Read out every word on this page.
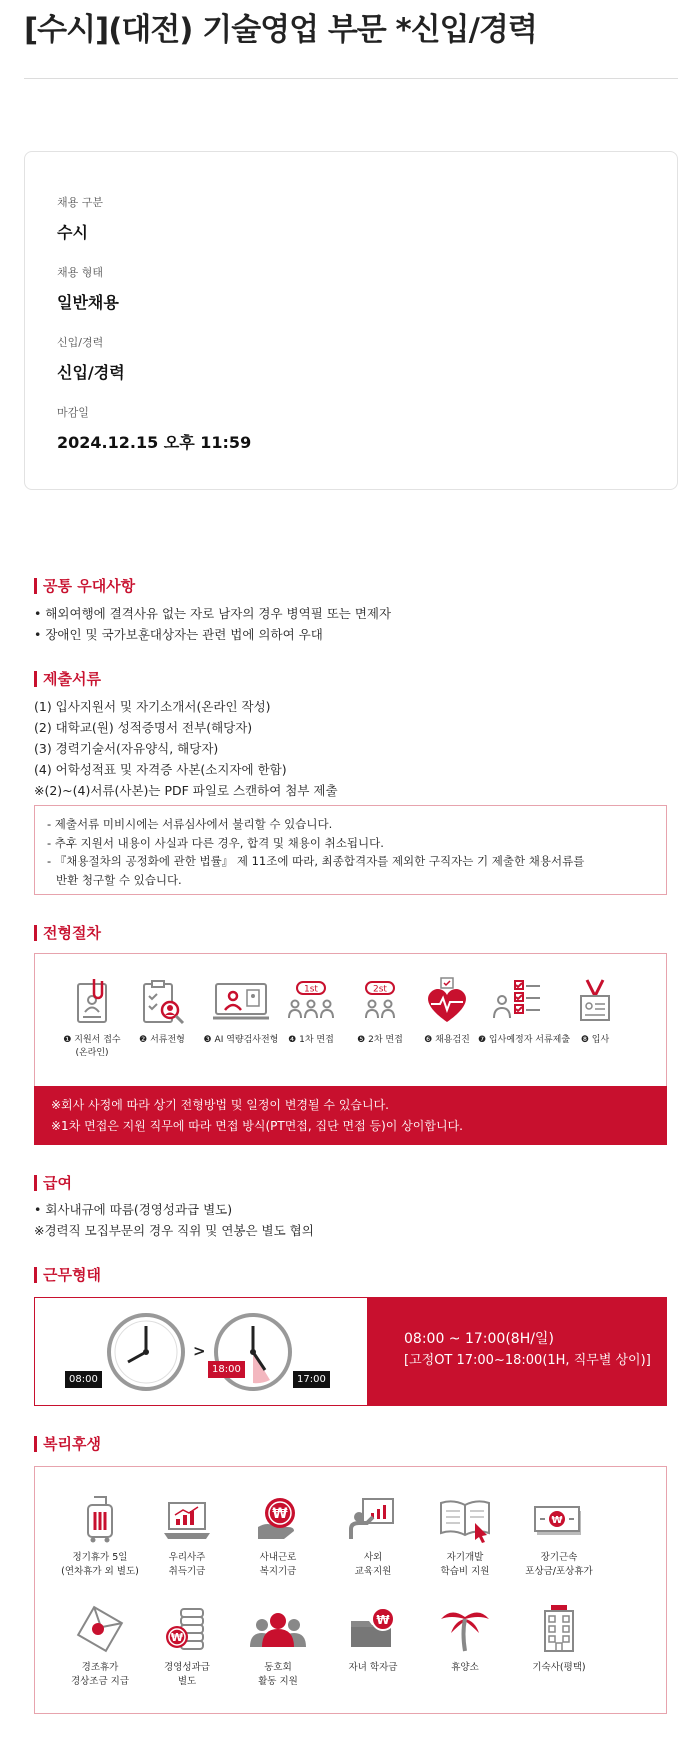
[수시](대전) 기술영업 부문 *신입/경력
채용 구분
수시
채용 형태
일반채용
신입/경력
신입/경력
마감일
2024.12.15 오후 11:59
공통 우대사항
• 해외여행에 결격사유 없는 자로 남자의 경우 병역필 또는 면제자
• 장애인 및 국가보훈대상자는 관련 법에 의하여 우대
제출서류
(1) 입사지원서 및 자기소개서(온라인 작성)
(2) 대학교(원) 성적증명서 전부(해당자)
(3) 경력기술서(자유양식, 해당자)
(4) 어학성적표 및 자격증 사본(소지자에 한함)
※(2)~(4)서류(사본)는 PDF 파일로 스캔하여 첨부 제출
- 제출서류 미비시에는 서류심사에서 불리할 수 있습니다.
- 추후 지원서 내용이 사실과 다른 경우, 합격 및 채용이 취소됩니다.
- 『채용절차의 공정화에 관한 법률』 제 11조에 따라, 최종합격자를 제외한 구직자는 기 제출한 채용서류를
반환 청구할 수 있습니다.
전형절차
❶ 지원서 접수
(온라인)
❷ 서류전형	❸ AI 역량검사전형
1st
❹ 1차 면접
2st
❺ 2차 면접	❻ 채용검진 ❼ 입사예정자 서류제출	❽ 입사
※회사 사정에 따라 상기 전형방법 및 일정이 변경될 수 있습니다.
※1차 면접은 지원 직무에 따라 면접 방식(PT면접, 집단 면접 등)이 상이합니다.
급여
• 회사내규에 따름(경영성과급 별도)
※경력직 모집부문의 경우 직위 및 연봉은 별도 협의
근무형태
>
08:00
18:00
17:00
08:00 ~ 17:00(8H/일)
[고정OT 17:00~18:00(1H, 직무별 상이)]
복리후생
정기휴가 5일
(연차휴가 외 별도)
우리사주
취득기금
₩
사내근로
복지기금
사외
교육지원
자기개발
학습비 지원
₩
장기근속
포상금/포상휴가
경조휴가
경상조금 지급
₩
경영성과급
별도
동호회
활동 지원
₩
자녀 학자금	휴양소	기숙사(평택)
